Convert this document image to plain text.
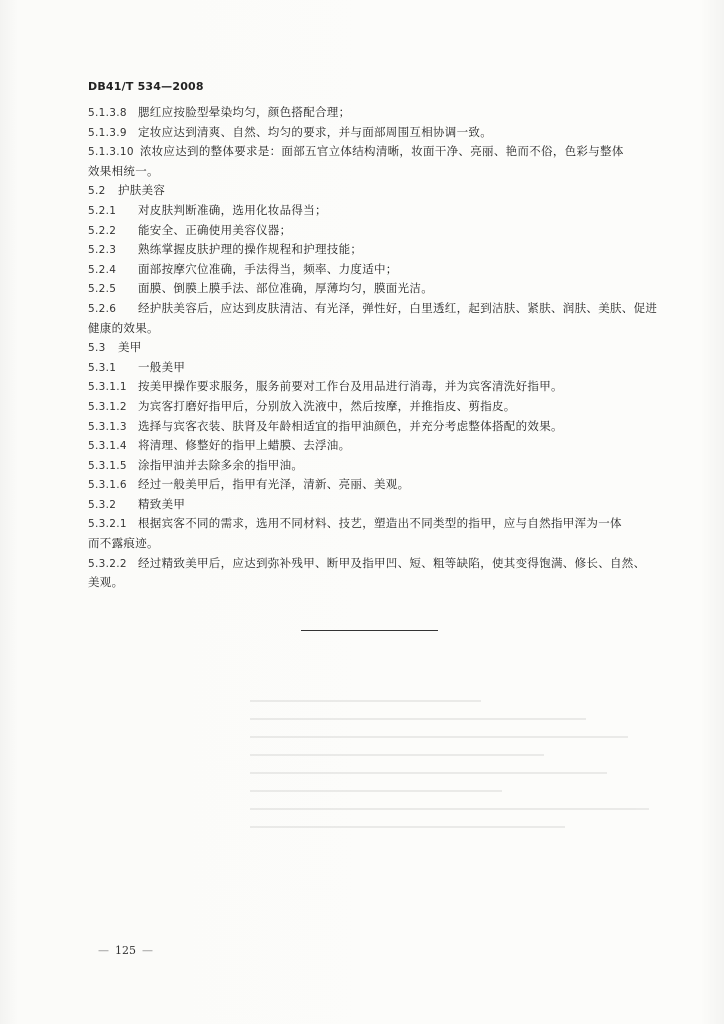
DB41/T 534—2008
5.1.3.8 腮红应按脸型晕染均匀，颜色搭配合理；
5.1.3.9 定妆应达到清爽、自然、均匀的要求，并与面部周围互相协调一致。
5.1.3.10 浓妆应达到的整体要求是：面部五官立体结构清晰，妆面干净、亮丽、艳而不俗，色彩与整体
效果相统一。
5.2 护肤美容
5.2.1 对皮肤判断准确，选用化妆品得当；
5.2.2 能安全、正确使用美容仪器；
5.2.3 熟练掌握皮肤护理的操作规程和护理技能；
5.2.4 面部按摩穴位准确，手法得当，频率、力度适中；
5.2.5 面膜、倒膜上膜手法、部位准确，厚薄均匀，膜面光洁。
5.2.6 经护肤美容后，应达到皮肤清洁、有光泽，弹性好，白里透红，起到洁肤、紧肤、润肤、美肤、促进
健康的效果。
5.3 美甲
5.3.1 一般美甲
5.3.1.1 按美甲操作要求服务，服务前要对工作台及用品进行消毒，并为宾客清洗好指甲。
5.3.1.2 为宾客打磨好指甲后，分别放入洗液中，然后按摩，并推指皮、剪指皮。
5.3.1.3 选择与宾客衣装、肤肾及年龄相适宜的指甲油颜色，并充分考虑整体搭配的效果。
5.3.1.4 将清理、修整好的指甲上蜡膜、去浮油。
5.3.1.5 涂指甲油并去除多余的指甲油。
5.3.1.6 经过一般美甲后，指甲有光泽，清新、亮丽、美观。
5.3.2 精致美甲
5.3.2.1 根据宾客不同的需求，选用不同材料、技艺，塑造出不同类型的指甲，应与自然指甲浑为一体
而不露痕迹。
5.3.2.2 经过精致美甲后，应达到弥补残甲、断甲及指甲凹、短、粗等缺陷，使其变得饱满、修长、自然、
美观。
— 125 —
